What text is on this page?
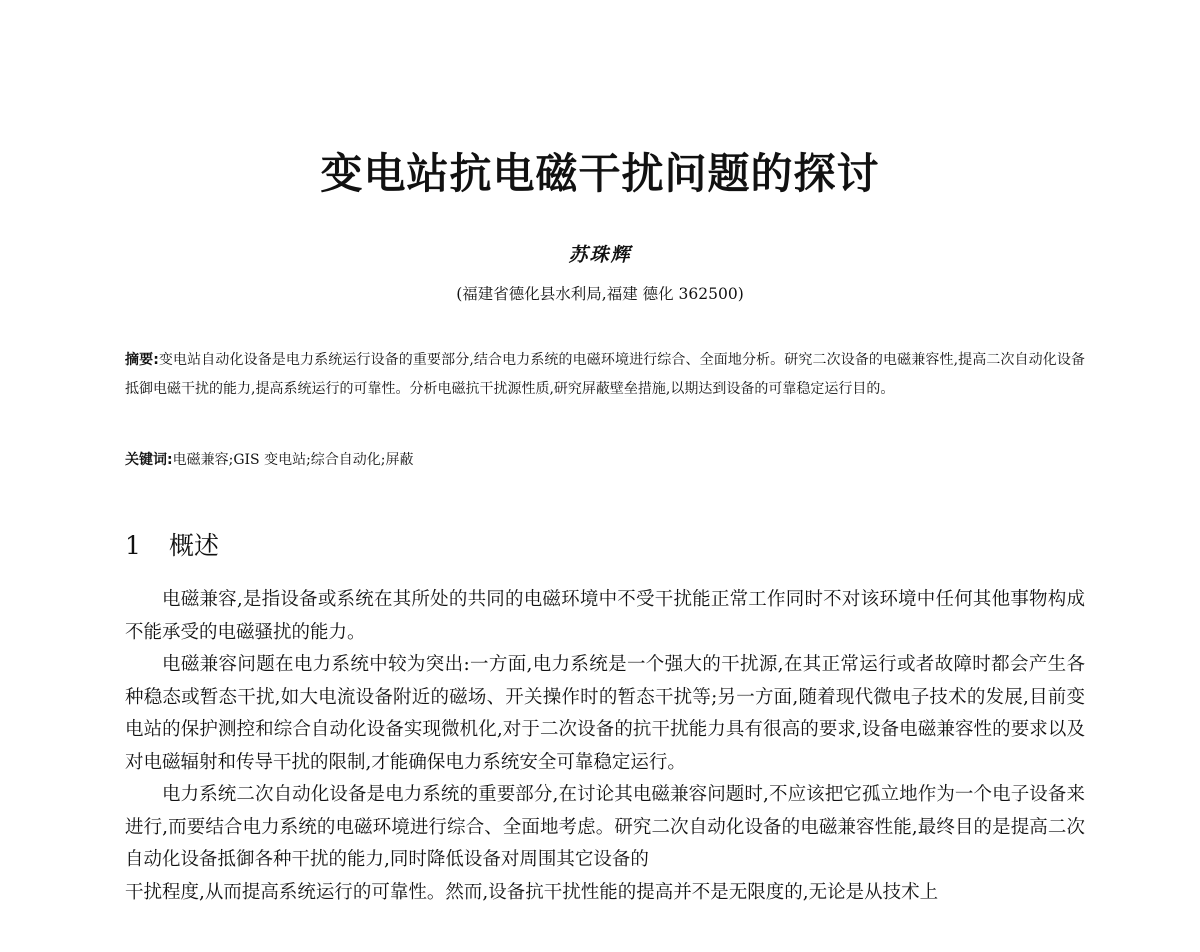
变电站抗电磁干扰问题的探讨
苏珠辉
(福建省德化县水利局,福建 德化 362500)
摘要:变电站自动化设备是电力系统运行设备的重要部分,结合电力系统的电磁环境进行综合、全面地分析。研究二次设备的电磁兼容性,提高二次自动化设备抵御电磁干扰的能力,提高系统运行的可靠性。分析电磁抗干扰源性质,研究屏蔽壁垒措施,以期达到设备的可靠稳定运行目的。
关键词:电磁兼容;GIS 变电站;综合自动化;屏蔽
1 概述

电磁兼容,是指设备或系统在其所处的共同的电磁环境中不受干扰能正常工作同时不对该环境中任何其他事物构成不能承受的电磁骚扰的能力。

电磁兼容问题在电力系统中较为突出:一方面,电力系统是一个强大的干扰源,在其正常运行或者故障时都会产生各种稳态或暂态干扰,如大电流设备附近的磁场、开关操作时的暂态干扰等;另一方面,随着现代微电子技术的发展,目前变电站的保护测控和综合自动化设备实现微机化,对于二次设备的抗干扰能力具有很高的要求,设备电磁兼容性的要求以及对电磁辐射和传导干扰的限制,才能确保电力系统安全可靠稳定运行。

电力系统二次自动化设备是电力系统的重要部分,在讨论其电磁兼容问题时,不应该把它孤立地作为一个电子设备来进行,而要结合电力系统的电磁环境进行综合、全面地考虑。研究二次自动化设备的电磁兼容性能,最终目的是提高二次自动化设备抵御各种干扰的能力,同时降低设备对周围其它设备的

干扰程度,从而提高系统运行的可靠性。然而,设备抗干扰性能的提高并不是无限度的,无论是从技术上
